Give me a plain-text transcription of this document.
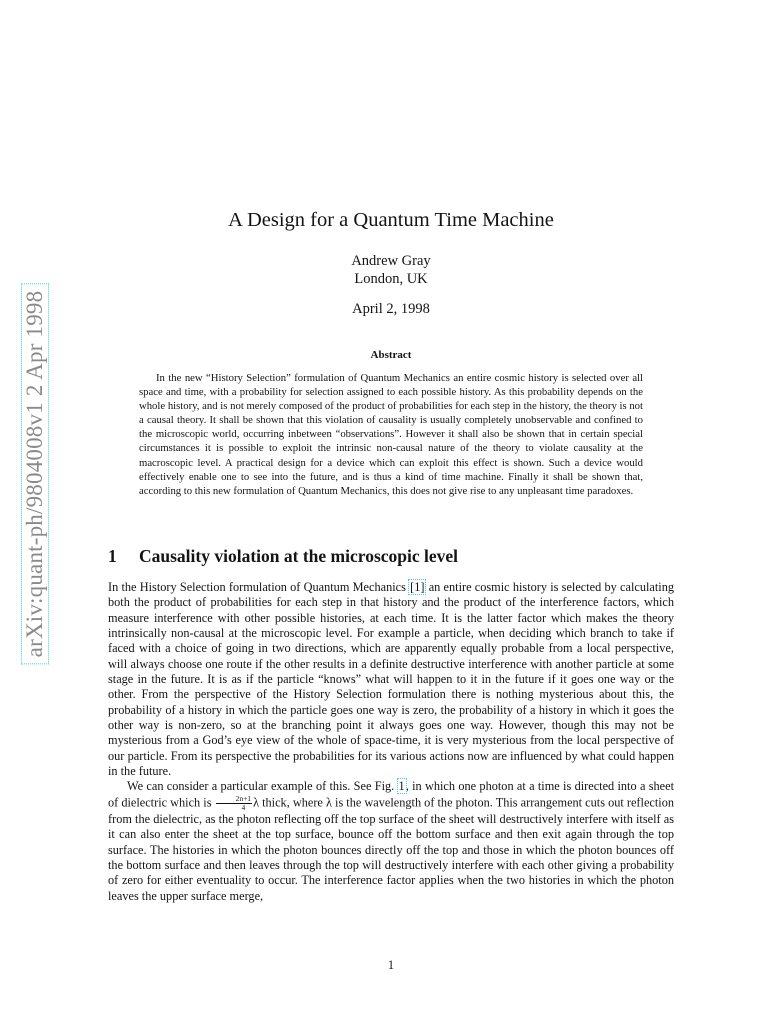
arXiv:quant-ph/9804008v1 2 Apr 1998
A Design for a Quantum Time Machine
Andrew Gray
London, UK
April 2, 1998
Abstract
In the new “History Selection” formulation of Quantum Mechanics an entire cosmic history is selected over all space and time, with a probability for selection assigned to each possible history. As this probability depends on the whole history, and is not merely composed of the product of probabilities for each step in the history, the theory is not a causal theory. It shall be shown that this violation of causality is usually completely unobservable and confined to the microscopic world, occurring inbetween “observations”. However it shall also be shown that in certain special circumstances it is possible to exploit the intrinsic non-causal nature of the theory to violate causality at the macroscopic level. A practical design for a device which can exploit this effect is shown. Such a device would effectively enable one to see into the future, and is thus a kind of time machine. Finally it shall be shown that, according to this new formulation of Quantum Mechanics, this does not give rise to any unpleasant time paradoxes.
1 Causality violation at the microscopic level

In the History Selection formulation of Quantum Mechanics [1] an entire cosmic history is selected by calculating both the product of probabilities for each step in that history and the product of the interference factors, which measure interference with other possible histories, at each time. It is the latter factor which makes the theory intrinsically non-causal at the microscopic level. For example a particle, when deciding which branch to take if faced with a choice of going in two directions, which are apparently equally probable from a local perspective, will always choose one route if the other results in a definite destructive interference with another particle at some stage in the future. It is as if the particle “knows” what will happen to it in the future if it goes one way or the other. From the perspective of the History Selection formulation there is nothing mysterious about this, the probability of a history in which the particle goes one way is zero, the probability of a history in which it goes the other way is non-zero, so at the branching point it always goes one way. However, though this may not be mysterious from a God’s eye view of the whole of space-time, it is very mysterious from the local perspective of our particle. From its perspective the probabilities for its various actions now are influenced by what could happen in the future.

We can consider a particular example of this. See Fig. 1, in which one photon at a time is directed into a sheet of dielectric which is $\frac{2n+1}{4}$ λ thick, where λ is the wavelength of the photon. This arrangement cuts out reflection from the dielectric, as the photon reflecting off the top surface of the sheet will destructively interfere with itself as it can also enter the sheet at the top surface, bounce off the bottom surface and then exit again through the top surface. The histories in which the photon bounces directly off the top and those in which the photon bounces off the bottom surface and then leaves through the top will destructively interfere with each other giving a probability of zero for either eventuality to occur. The interference factor applies when the two histories in which the photon leaves the upper surface merge,

1
